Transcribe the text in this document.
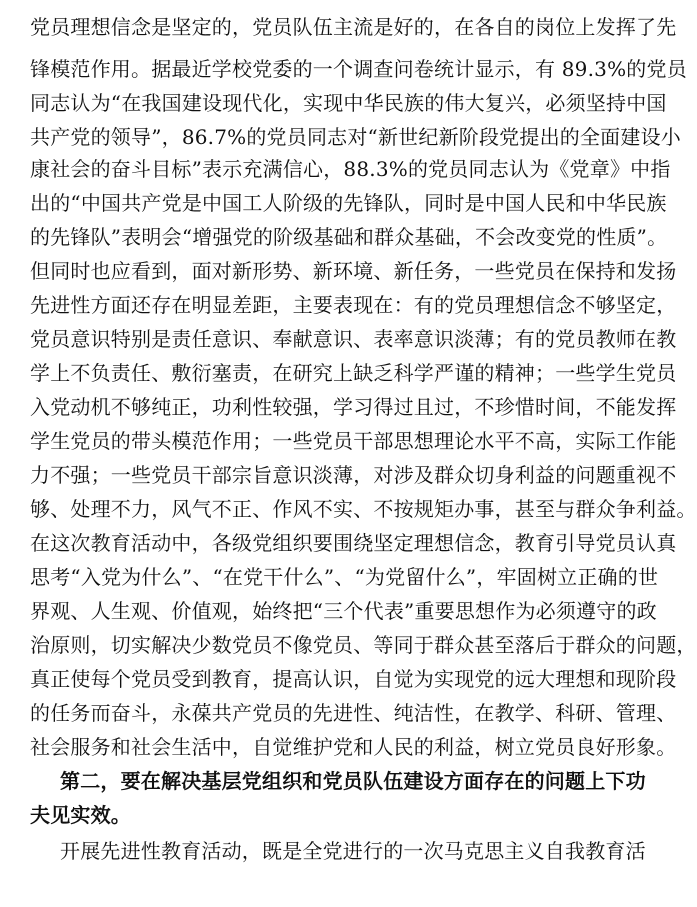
党员理想信念是坚定的，党员队伍主流是好的，在各自的岗位上发挥了先
锋模范作用。据最近学校党委的一个调查问卷统计显示，有 89.3%的党员
同志认为“在我国建设现代化，实现中华民族的伟大复兴，必须坚持中国
共产党的领导”，86.7%的党员同志对“新世纪新阶段党提出的全面建设小
康社会的奋斗目标”表示充满信心，88.3%的党员同志认为《党章》中指
出的“中国共产党是中国工人阶级的先锋队，同时是中国人民和中华民族
的先锋队”表明会“增强党的阶级基础和群众基础，不会改变党的性质”。
但同时也应看到，面对新形势、新环境、新任务，一些党员在保持和发扬
先进性方面还存在明显差距，主要表现在：有的党员理想信念不够坚定，
党员意识特别是责任意识、奉献意识、表率意识淡薄；有的党员教师在教
学上不负责任、敷衍塞责，在研究上缺乏科学严谨的精神；一些学生党员
入党动机不够纯正，功利性较强，学习得过且过，不珍惜时间，不能发挥
学生党员的带头模范作用；一些党员干部思想理论水平不高，实际工作能
力不强；一些党员干部宗旨意识淡薄，对涉及群众切身利益的问题重视不
够、处理不力，风气不正、作风不实、不按规矩办事，甚至与群众争利益。
在这次教育活动中，各级党组织要围绕坚定理想信念，教育引导党员认真
思考“入党为什么”、“在党干什么”、“为党留什么”，牢固树立正确的世
界观、人生观、价值观，始终把“三个代表”重要思想作为必须遵守的政
治原则，切实解决少数党员不像党员、等同于群众甚至落后于群众的问题，
真正使每个党员受到教育，提高认识，自觉为实现党的远大理想和现阶段
的任务而奋斗，永葆共产党员的先进性、纯洁性，在教学、科研、管理、
社会服务和社会生活中，自觉维护党和人民的利益，树立党员良好形象。
第二，要在解决基层党组织和党员队伍建设方面存在的问题上下功
夫见实效。
开展先进性教育活动，既是全党进行的一次马克思主义自我教育活
